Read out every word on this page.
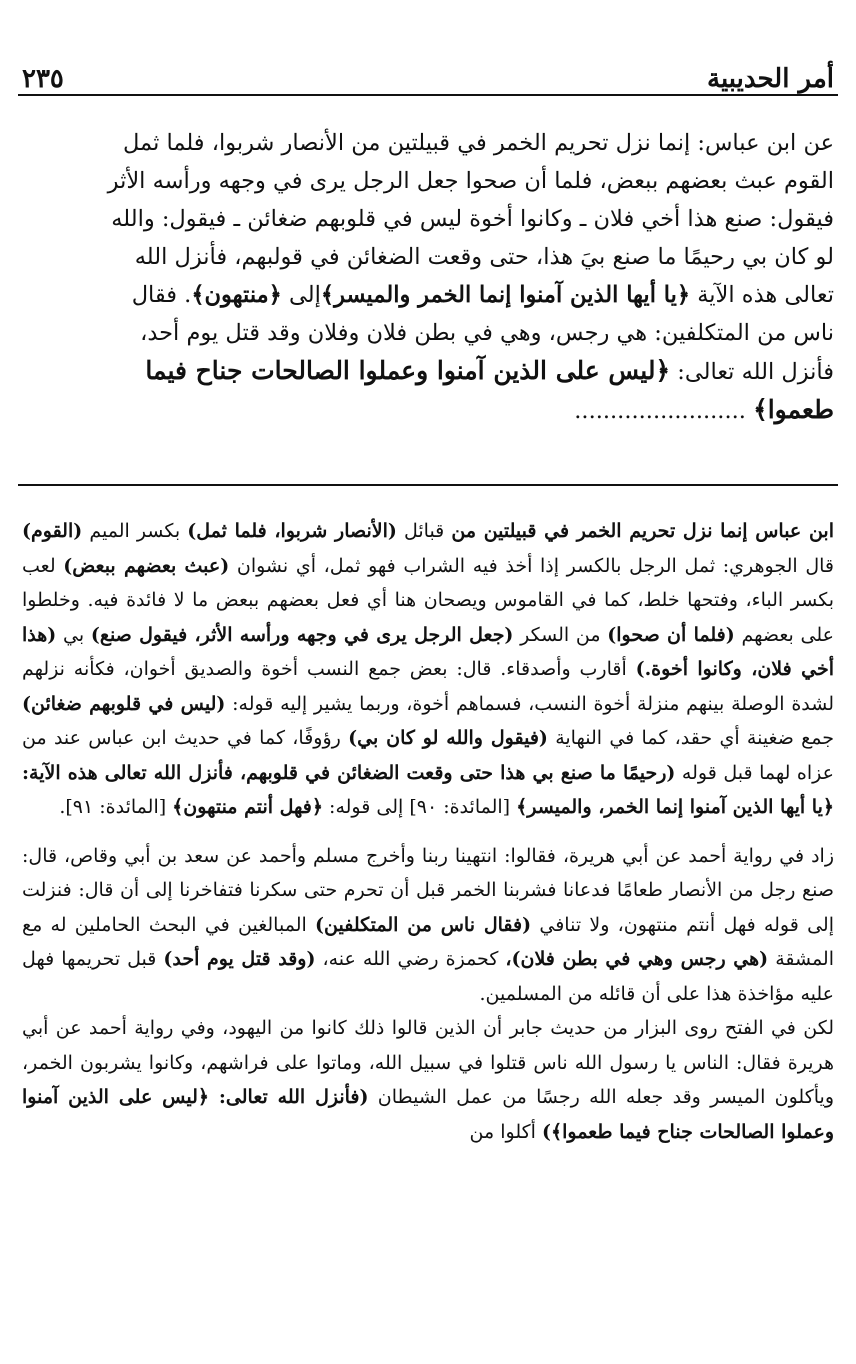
أمر الحديبية
٢٣٥

عن ابن عباس: إنما نزل تحريم الخمر في قبيلتين من الأنصار شربوا، فلما ثمل

القوم عبث بعضهم ببعض، فلما أن صحوا جعل الرجل يرى في وجهه ورأسه الأثر

فيقول: صنع هذا أخي فلان ـ وكانوا أخوة ليس في قلوبهم ضغائن ـ فيقول: والله

لو كان بي رحيمًا ما صنع بيَ هذا، حتى وقعت الضغائن في قولبهم، فأنزل الله

تعالى هذه الآية ﴿يا أيها الذين آمنوا إنما الخمر والميسر﴾إلى ﴿منتهون﴾. فقال

ناس من المتكلفين: هي رجس، وهي في بطن فلان وفلان وقد قتل يوم أحد،

فأنزل الله تعالى: ﴿ليس على الذين آمنوا وعملوا الصالحات جناح فيما

طعموا﴾ ........................

ابن عباس إنما نزل تحريم الخمر في قبيلتين من قبائل (الأنصار شربوا، فلما ثمل) بكسر الميم (القوم) قال الجوهري: ثمل الرجل بالكسر إذا أخذ فيه الشراب فهو ثمل، أي نشوان (عبث بعضهم ببعض) لعب بكسر الباء، وفتحها خلط، كما في القاموس ويصحان هنا أي فعل بعضهم ببعض ما لا فائدة فيه. وخلطوا على بعضهم (فلما أن صحوا) من السكر (جعل الرجل يرى في وجهه ورأسه الأثر، فيقول صنع) بي (هذا أخي فلان، وكانوا أخوة.) أقارب وأصدقاء. قال: بعض جمع النسب أخوة والصديق أخوان، فكأنه نزلهم لشدة الوصلة بينهم منزلة أخوة النسب، فسماهم أخوة، وربما يشير إليه قوله: (ليس في قلوبهم ضغائن) جمع ضغينة أي حقد، كما في النهاية (فيقول والله لو كان بي) رؤوفًا، كما في حديث ابن عباس عند من عزاه لهما قبل قوله (رحيمًا ما صنع بي هذا حتى وقعت الضغائن في قلوبهم، فأنزل الله تعالى هذه الآية: ﴿يا أيها الذين آمنوا إنما الخمر، والميسر﴾ [المائدة: ٩٠] إلى قوله: ﴿فهل أنتم منتهون﴾ [المائدة: ٩١].

زاد في رواية أحمد عن أبي هريرة، فقالوا: انتهينا ربنا وأخرج مسلم وأحمد عن سعد بن أبي وقاص، قال: صنع رجل من الأنصار طعامًا فدعانا فشربنا الخمر قبل أن تحرم حتى سكرنا فتفاخرنا إلى أن قال: فنزلت إلى قوله فهل أنتم منتهون، ولا تنافي (فقال ناس من المتكلفين) المبالغين في البحث الحاملين له مع المشقة (هي رجس وهي في بطن فلان)، كحمزة رضي الله عنه، (وقد قتل يوم أحد) قبل تحريمها فهل عليه مؤاخذة هذا على أن قائله من المسلمين.

لكن في الفتح روى البزار من حديث جابر أن الذين قالوا ذلك كانوا من اليهود، وفي رواية أحمد عن أبي هريرة فقال: الناس يا رسول الله ناس قتلوا في سبيل الله، وماتوا على فراشهم، وكانوا يشربون الخمر، ويأكلون الميسر وقد جعله الله رجسًا من عمل الشيطان (فأنزل الله تعالى: ﴿ليس على الذين آمنوا وعملوا الصالحات جناح فيما طعموا﴾) أكلوا من
